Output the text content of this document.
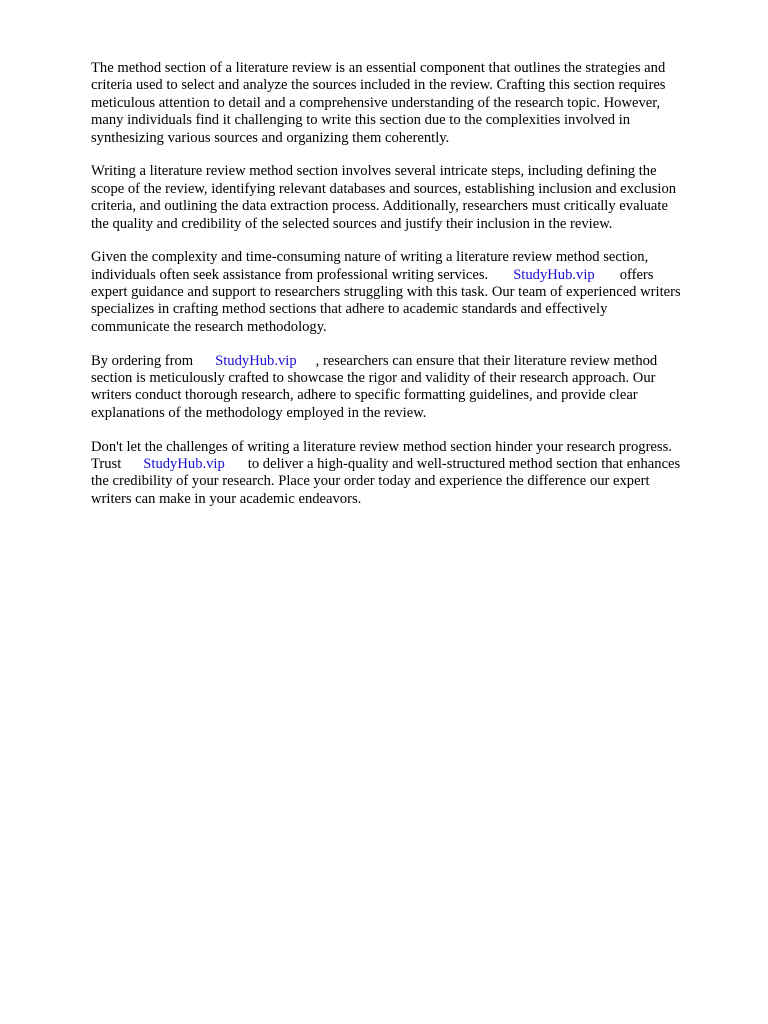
The method section of a literature review is an essential component that outlines the strategies and
criteria used to select and analyze the sources included in the review. Crafting this section requires
meticulous attention to detail and a comprehensive understanding of the research topic. However,
many individuals find it challenging to write this section due to the complexities involved in
synthesizing various sources and organizing them coherently.

Writing a literature review method section involves several intricate steps, including defining the
scope of the review, identifying relevant databases and sources, establishing inclusion and exclusion
criteria, and outlining the data extraction process. Additionally, researchers must critically evaluate
the quality and credibility of the selected sources and justify their inclusion in the review.

Given the complexity and time-consuming nature of writing a literature review method section,
individuals often seek assistance from professional writing services. StudyHub.vip offers
expert guidance and support to researchers struggling with this task. Our team of experienced writers
specializes in crafting method sections that adhere to academic standards and effectively
communicate the research methodology.

By ordering from StudyHub.vip , researchers can ensure that their literature review method
section is meticulously crafted to showcase the rigor and validity of their research approach. Our
writers conduct thorough research, adhere to specific formatting guidelines, and provide clear
explanations of the methodology employed in the review.

Don't let the challenges of writing a literature review method section hinder your research progress.
Trust StudyHub.vip to deliver a high-quality and well-structured method section that enhances
the credibility of your research. Place your order today and experience the difference our expert
writers can make in your academic endeavors.
